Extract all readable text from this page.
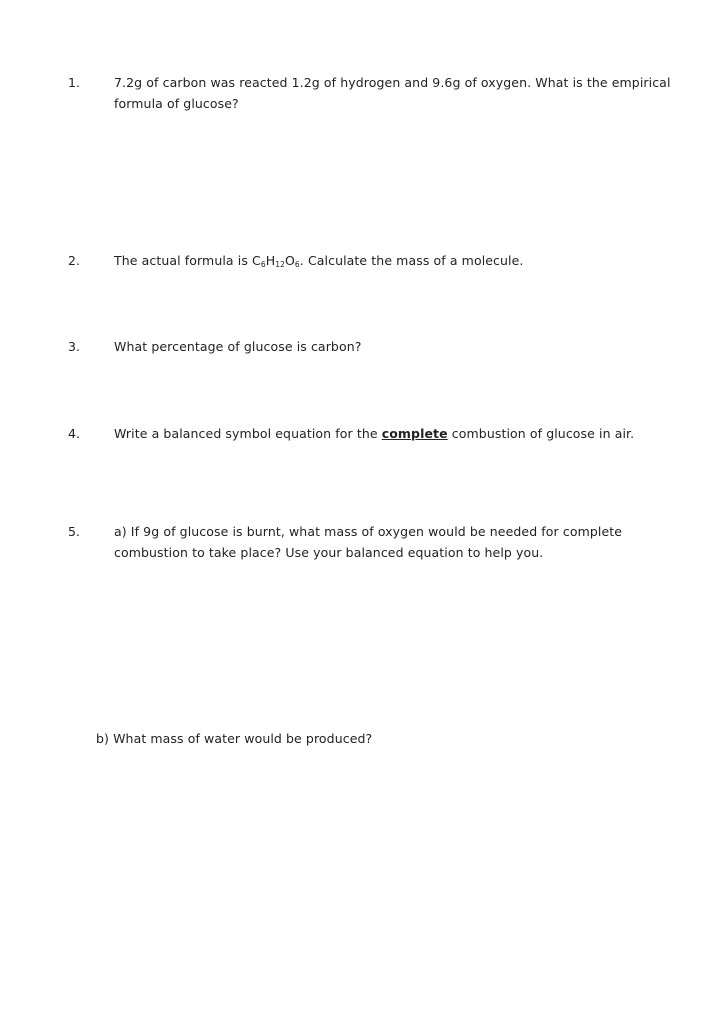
1.	7.2g of carbon was reacted 1.2g of hydrogen and 9.6g of oxygen. What is the empirical formula of glucose?
2.	The actual formula is $C_6H_{12}O_6$. Calculate the mass of a molecule.
3.	What percentage of glucose is carbon?
4.	Write a balanced symbol equation for the complete combustion of glucose in air.
5.	a) If 9g of glucose is burnt, what mass of oxygen would be needed for complete combustion to take place? Use your balanced equation to help you.
b) What mass of water would be produced?
